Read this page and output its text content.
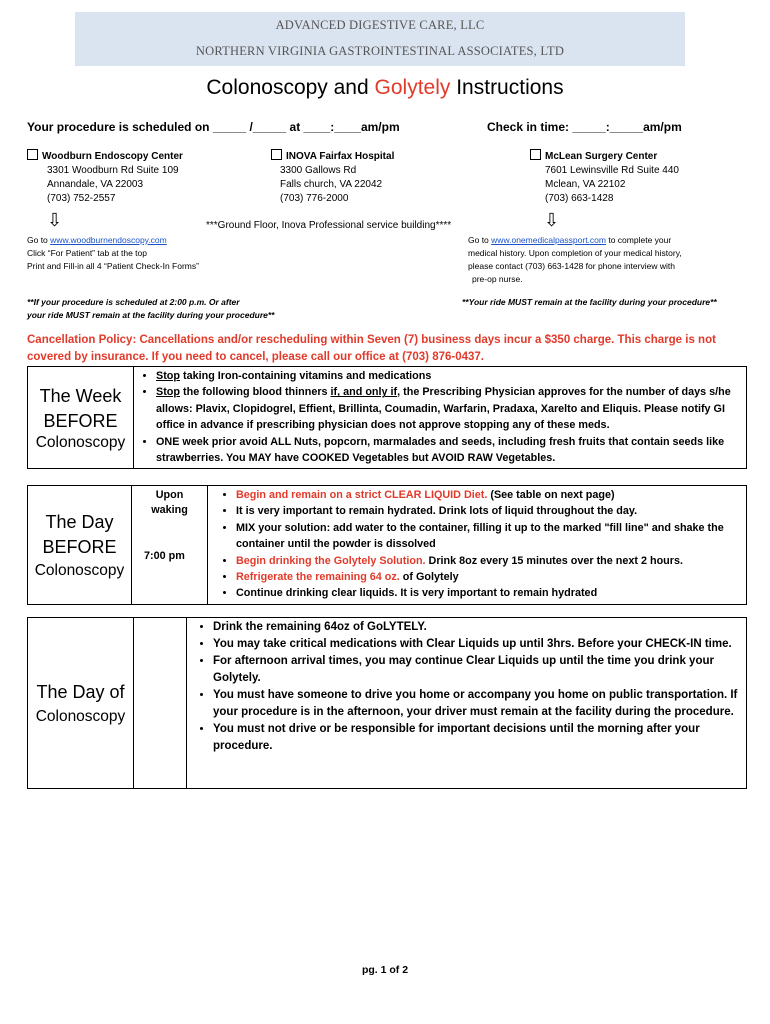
ADVANCED DIGESTIVE CARE, LLC
NORTHERN VIRGINIA GASTROINTESTINAL ASSOCIATES, LTD
Colonoscopy and Golytely Instructions
Your procedure is scheduled on _____ /_____ at ____:____am/pm	Check in time: _____:_____am/pm
Woodburn Endoscopy Center
3301 Woodburn Rd Suite 109
Annandale, VA 22003
(703) 752-2557
INOVA Fairfax Hospital
3300 Gallows Rd
Falls church, VA 22042
(703) 776-2000
McLean Surgery Center
7601 Lewinsville Rd Suite 440
Mclean, VA 22102
(703) 663-1428
⇩	⇩
***Ground Floor, Inova Professional service building****
Go to www.woodburnendoscopy.com
Click “For Patient” tab at the top
Print and Fill-in all 4 “Patient Check-In Forms”
Go to www.onemedicalpassport.com to complete your
medical history. Upon completion of your medical history,
please contact (703) 663-1428 for phone interview with
pre-op nurse.
**If your procedure is scheduled at 2:00 p.m. Or after
your ride MUST remain at the facility during your procedure**
**Your ride MUST remain at the facility during your procedure**
Cancellation Policy: Cancellations and/or rescheduling within Seven (7) business days incur a $350 charge. This charge is not covered by insurance. If you need to cancel, please call our office at (703) 876-0437.
The Week
BEFORE
Colonoscopy

• Stop taking Iron-containing vitamins and medications
• Stop the following blood thinners if, and only if, the Prescribing Physician approves for the number of days s/he allows: Plavix, Clopidogrel, Effient, Brillinta, Coumadin, Warfarin, Pradaxa, Xarelto and Eliquis. Please notify GI office in advance if prescribing physician does not approve stopping any of these meds.
• ONE week prior avoid ALL Nuts, popcorn, marmalades and seeds, including fresh fruits that contain seeds like strawberries. You MAY have COOKED Vegetables but AVOID RAW Vegetables.
The Day
BEFORE
Colonoscopy

Upon waking
7:00 pm

• Begin and remain on a strict CLEAR LIQUID Diet. (See table on next page)
• It is very important to remain hydrated. Drink lots of liquid throughout the day.
• MIX your solution: add water to the container, filling it up to the marked "fill line" and shake the container until the powder is dissolved
• Begin drinking the Golytely Solution. Drink 8oz every 15 minutes over the next 2 hours.
• Refrigerate the remaining 64 oz. of Golytely
• Continue drinking clear liquids. It is very important to remain hydrated
The Day of
Colonoscopy

• Drink the remaining 64oz of GoLYTELY.
• You may take critical medications with Clear Liquids up until 3hrs. Before your CHECK-IN time.
• For afternoon arrival times, you may continue Clear Liquids up until the time you drink your Golytely.
• You must have someone to drive you home or accompany you home on public transportation. If your procedure is in the afternoon, your driver must remain at the facility during the procedure.
• You must not drive or be responsible for important decisions until the morning after your procedure.
pg. 1 of 2
